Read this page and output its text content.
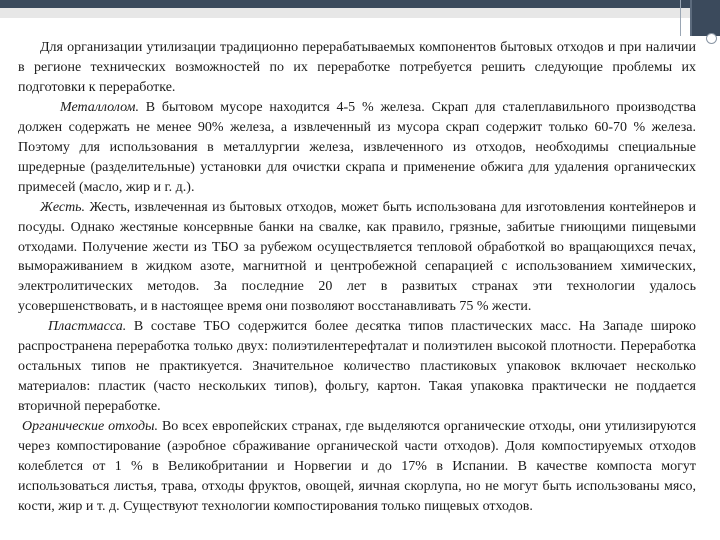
Для организации утилизации традиционно перерабатываемых компонентов бытовых отходов и при наличии в регионе технических возможностей по их переработке потребуется решить следующие проблемы их подготовки к переработке.

Металлолом. В бытовом мусоре находится 4-5 % железа. Скрап для сталеплавильного производства должен содержать не менее 90% железа, а извлеченный из мусора скрап содержит только 60-70 % железа. Поэтому для использования в металлургии железа, извлеченного из отходов, необходимы специальные шредерные (разделительные) установки для очистки скрапа и применение обжига для удаления органических примесей (масло, жир и г. д.).

Жесть. Жесть, извлеченная из бытовых отходов, может быть использована для изготовления контейнеров и посуды. Однако жестяные консервные банки на свалке, как правило, грязные, забитые гниющими пищевыми отходами. Получение жести из ТБО за рубежом осуществляется тепловой обработкой во вращающихся печах, вымораживанием в жидком азоте, магнитной и центробежной сепарацией с использованием химических, электролитических методов. За последние 20 лет в развитых странах эти технологии удалось усовершенствовать, и в настоящее время они позволяют восстанавливать 75 % жести.

Пластмасса. В составе ТБО содержится более десятка типов пластических масс. На Западе широко распространена переработка только двух: полиэтилентерефталат и полиэтилен высокой плотности. Переработка остальных типов не практикуется. Значительное количество пластиковых упаковок включает несколько материалов: пластик (часто нескольких типов), фольгу, картон. Такая упаковка практически не поддается вторичной переработке.

Органические отходы. Во всех европейских странах, где выделяются органические отходы, они утилизируются через компостирование (аэробное сбраживание органической части отходов). Доля компостируемых отходов колеблется от 1 % в Великобритании и Норвегии и до 17% в Испании. В качестве компоста могут использоваться листья, трава, отходы фруктов, овощей, яичная скорлупа, но не могут быть использованы мясо, кости, жир и т. д. Существуют технологии компостирования только пищевых отходов.
